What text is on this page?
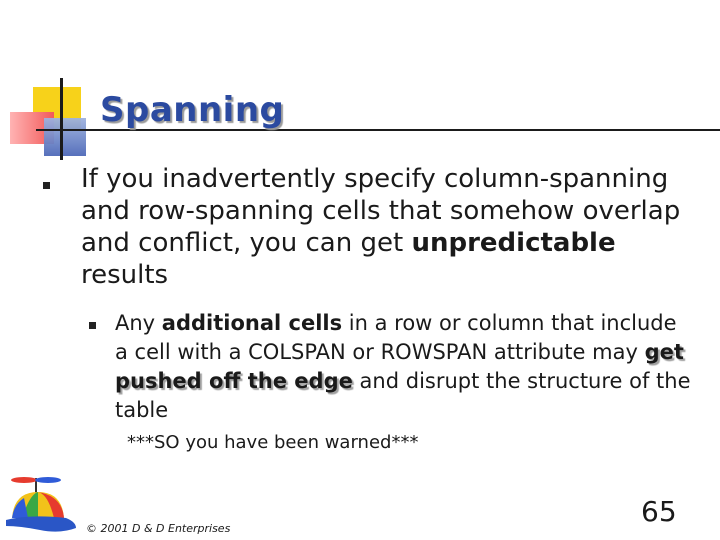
Spanning
If you inadvertently specify column-spanning and row-spanning cells that somehow overlap and conflict, you can get unpredictable results
Any additional cells in a row or column that include a cell with a COLSPAN or ROWSPAN attribute may get pushed off the edge and disrupt the structure of the table
***SO you have been warned***
© 2001 D & D Enterprises
65
